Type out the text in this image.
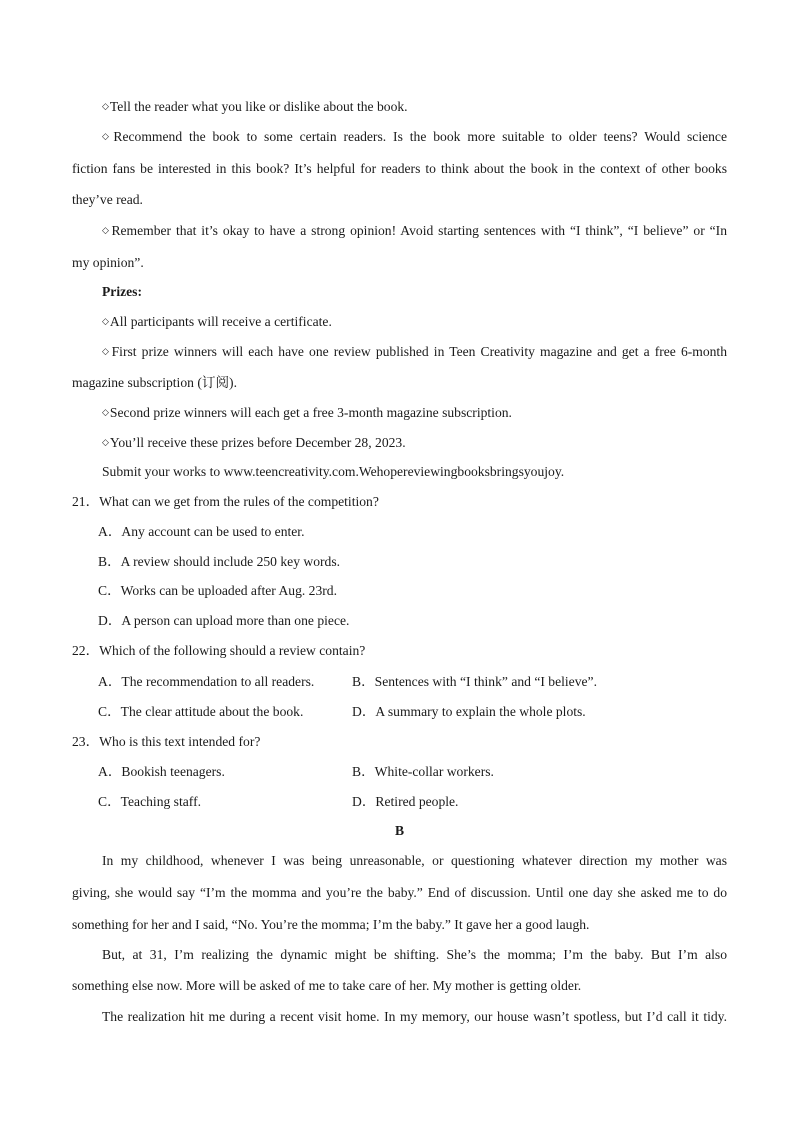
◇Tell the reader what you like or dislike about the book.
◇Recommend the book to some certain readers. Is the book more suitable to older teens? Would science
fiction fans be interested in this book? It’s helpful for readers to think about the book in the context of other books
they’ve read.
◇Remember that it’s okay to have a strong opinion! Avoid starting sentences with “I think”, “I believe” or “In
my opinion”.
Prizes:
◇All participants will receive a certificate.
◇First prize winners will each have one review published in Teen Creativity magazine and get a free 6-month
magazine subscription (订阅).
◇Second prize winners will each get a free 3-month magazine subscription.
◇You’ll receive these prizes before December 28, 2023.
Submit your works to www.teencreativity.com.Wehopereviewingbooksbringsyoujoy.
21．What can we get from the rules of the competition?
A．Any account can be used to enter.
B．A review should include 250 key words.
C．Works can be uploaded after Aug. 23rd.
D．A person can upload more than one piece.
22．Which of the following should a review contain?
A．The recommendation to all readers.	B．Sentences with “I think” and “I believe”.
C．The clear attitude about the book.	D．A summary to explain the whole plots.
23．Who is this text intended for?
A．Bookish teenagers.	B．White-collar workers.
C．Teaching staff.	D．Retired people.
B
In my childhood, whenever I was being unreasonable, or questioning whatever direction my mother was
giving, she would say “I’m the momma and you’re the baby.” End of discussion. Until one day she asked me to do
something for her and I said, “No. You’re the momma; I’m the baby.” It gave her a good laugh.
But, at 31, I’m realizing the dynamic might be shifting. She’s the momma; I’m the baby. But I’m also
something else now. More will be asked of me to take care of her. My mother is getting older.
The realization hit me during a recent visit home. In my memory, our house wasn’t spotless, but I’d call it tidy.
